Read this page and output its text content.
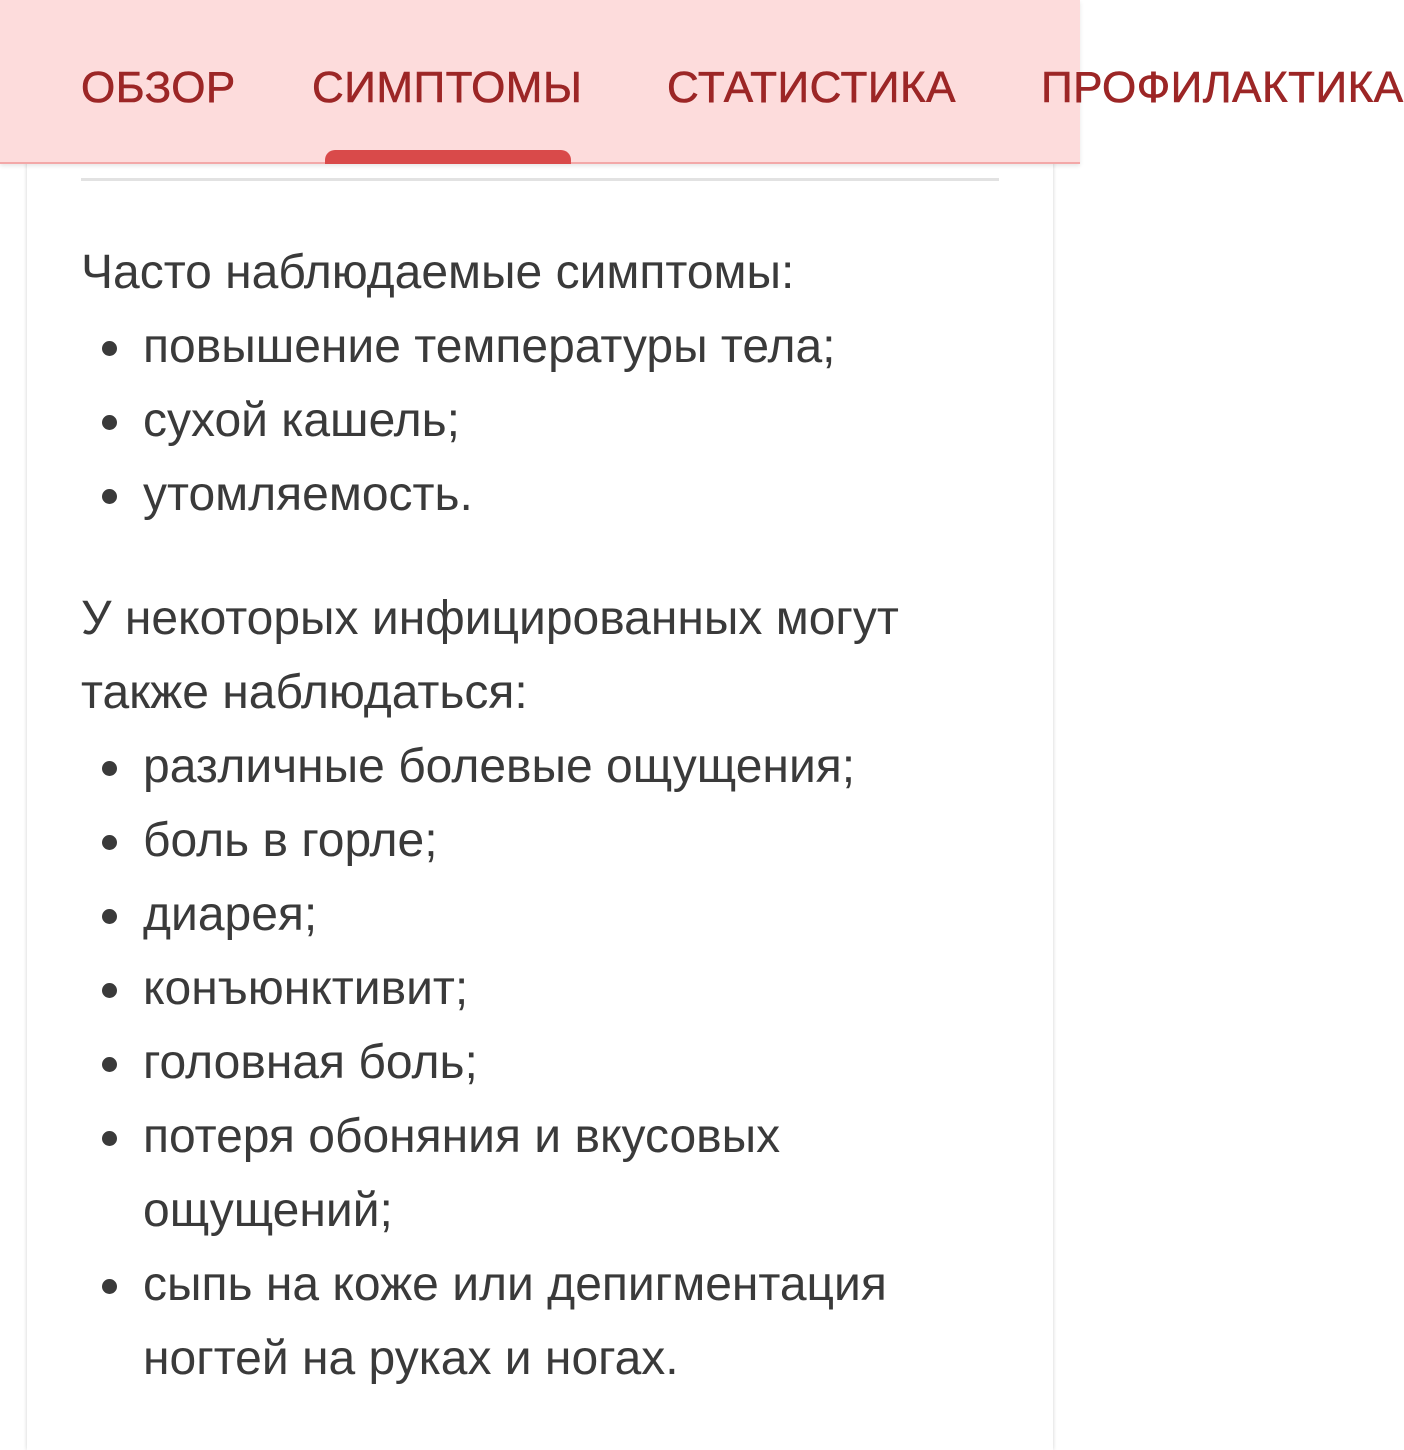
ОБЗОР СИМПТОМЫ СТАТИСТИКА ПРОФИЛАКТИКА

Часто наблюдаемые симптомы:

повышение температуры тела;
сухой кашель;
утомляемость.

У некоторых инфицированных могут также наблюдаться:

различные болевые ощущения;
боль в горле;
диарея;
конъюнктивит;
головная боль;
потеря обоняния и вкусовых ощущений;
сыпь на коже или депигментация ногтей на руках и ногах.
